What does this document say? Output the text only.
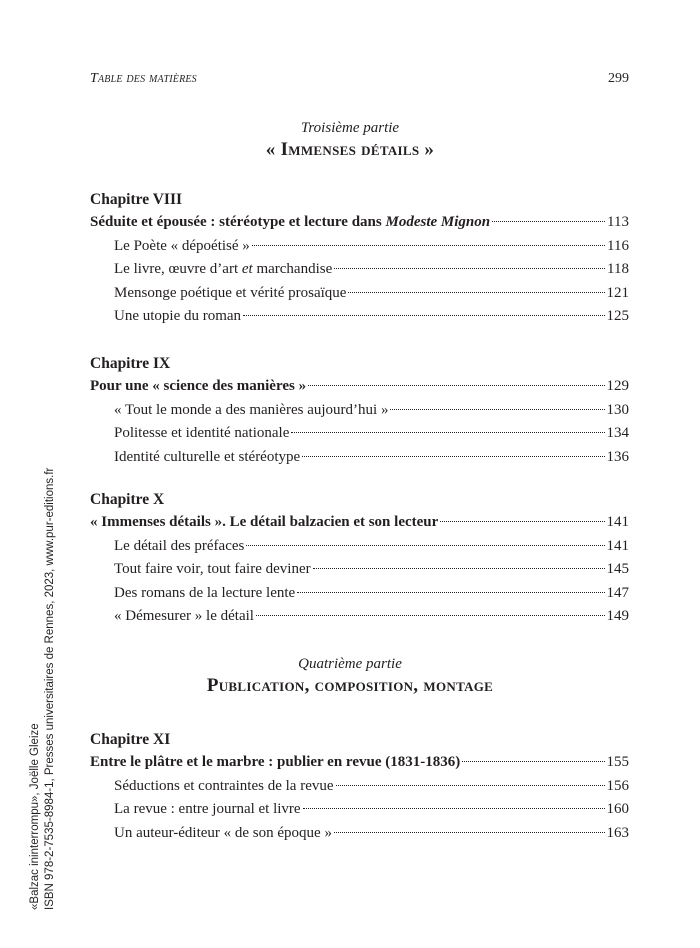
Table des matières	299
Troisième partie
« Immenses détails »
Chapitre VIII
Séduite et épousée : stéréotype et lecture dans Modeste Mignon	113
Le Poète « dépoétisé »	116
Le livre, œuvre d’art et marchandise	118
Mensonge poétique et vérité prosaïque	121
Une utopie du roman	125
Chapitre IX
Pour une « science des manières »	129
« Tout le monde a des manières aujourd’hui »	130
Politesse et identité nationale	134
Identité culturelle et stéréotype	136
Chapitre X
« Immenses détails ». Le détail balzacien et son lecteur	141
Le détail des préfaces	141
Tout faire voir, tout faire deviner	145
Des romans de la lecture lente	147
« Démesurer » le détail	149
Quatrième partie
Publication, composition, montage
Chapitre XI
Entre le plâtre et le marbre : publier en revue (1831-1836)	155
Séductions et contraintes de la revue	156
La revue : entre journal et livre	160
Un auteur-éditeur « de son époque »	163
«Balzac ininterrompu», Joëlle Gleize ISBN 978-2-7535-8984-1, Presses universitaires de Rennes, 2023, www.pur-editions.fr
